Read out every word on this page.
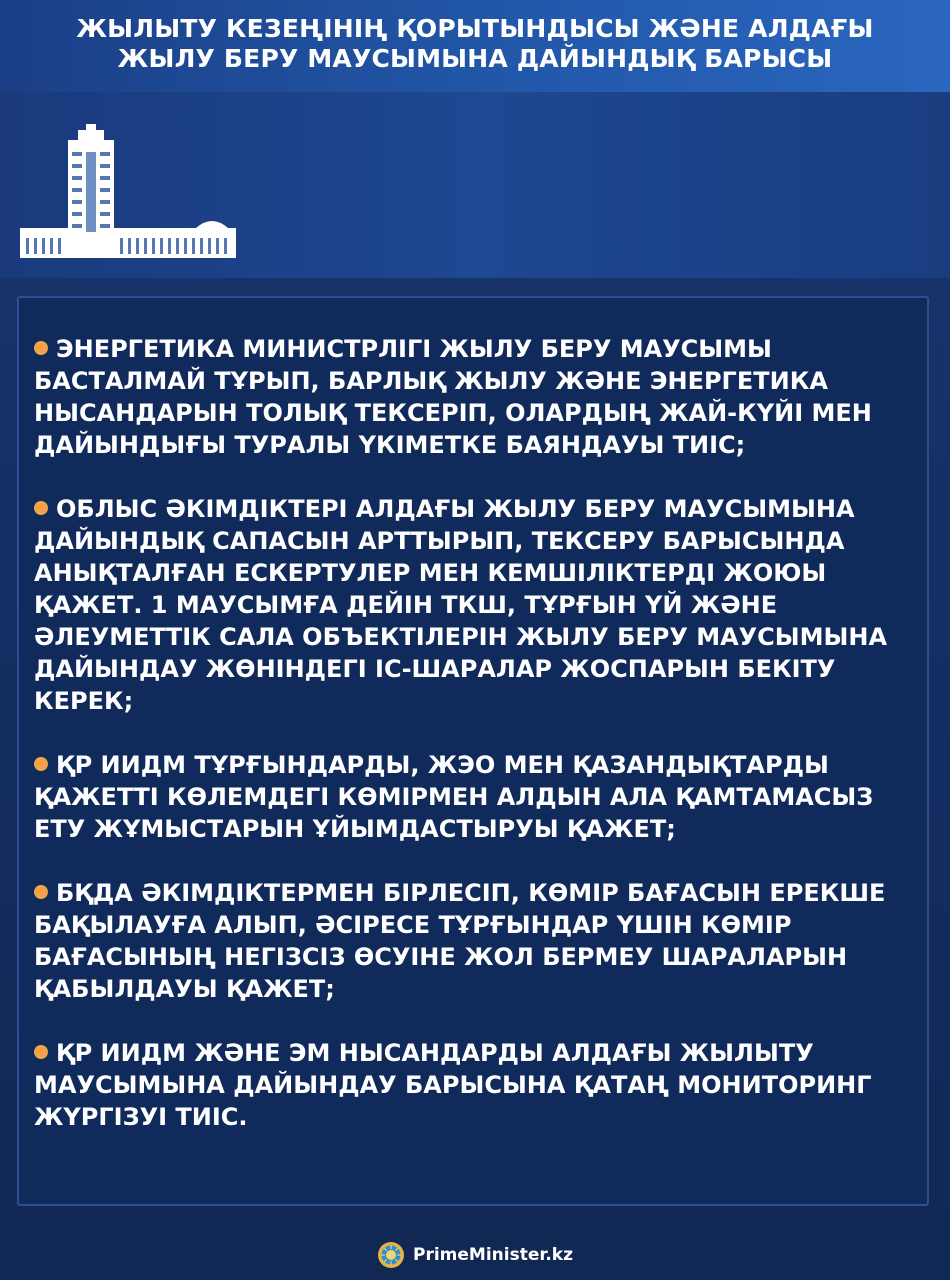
ЖЫЛЫТУ КЕЗЕҢІНІҢ ҚОРЫТЫНДЫСЫ ЖӘНЕ АЛДАҒЫ
ЖЫЛУ БЕРУ МАУСЫМЫНА ДАЙЫНДЫҚ БАРЫСЫ

ЭНЕРГЕТИКА МИНИСТРЛІГІ ЖЫЛУ БЕРУ МАУСЫМЫ БАСТАЛМАЙ ТҰРЫП, БАРЛЫҚ ЖЫЛУ ЖӘНЕ ЭНЕРГЕТИКА НЫСАНДАРЫН ТОЛЫҚ ТЕКСЕРІП, ОЛАРДЫҢ ЖАЙ-КҮЙІ МЕН ДАЙЫНДЫҒЫ ТУРАЛЫ ҮКІМЕТКЕ БАЯНДАУЫ ТИІС;

ОБЛЫС ӘКІМДІКТЕРІ АЛДАҒЫ ЖЫЛУ БЕРУ МАУСЫМЫНА ДАЙЫНДЫҚ САПАСЫН АРТТЫРЫП, ТЕКСЕРУ БАРЫСЫНДА АНЫҚТАЛҒАН ЕСКЕРТУЛЕР МЕН КЕМШІЛІКТЕРДІ ЖОЮЫ ҚАЖЕТ. 1 МАУСЫМҒА ДЕЙІН ТКШ, ТҰРҒЫН ҮЙ ЖӘНЕ ӘЛЕУМЕТТІК САЛА ОБЪЕКТІЛЕРІН ЖЫЛУ БЕРУ МАУСЫМЫНА ДАЙЫНДАУ ЖӨНІНДЕГІ ІС-ШАРАЛАР ЖОСПАРЫН БЕКІТУ КЕРЕК;

ҚР ИИДМ ТҰРҒЫНДАРДЫ, ЖЭО МЕН ҚАЗАНДЫҚТАРДЫ ҚАЖЕТТІ КӨЛЕМДЕГІ КӨМІРМЕН АЛДЫН АЛА ҚАМТАМАСЫЗ ЕТУ ЖҰМЫСТАРЫН ҰЙЫМДАСТЫРУЫ ҚАЖЕТ;

БҚДА ӘКІМДІКТЕРМЕН БІРЛЕСІП, КӨМІР БАҒАСЫН ЕРЕКШЕ БАҚЫЛАУҒА АЛЫП, ӘСІРЕСЕ ТҰРҒЫНДАР ҮШІН КӨМІР БАҒАСЫНЫҢ НЕГІЗСІЗ ӨСУІНЕ ЖОЛ БЕРМЕУ ШАРАЛАРЫН ҚАБЫЛДАУЫ ҚАЖЕТ;

ҚР ИИДМ ЖӘНЕ ЭМ НЫСАНДАРДЫ АЛДАҒЫ ЖЫЛЫТУ МАУСЫМЫНА ДАЙЫНДАУ БАРЫСЫНА ҚАТАҢ МОНИТОРИНГ ЖҮРГІЗУІ ТИІС.

PrimeMinister.kz
